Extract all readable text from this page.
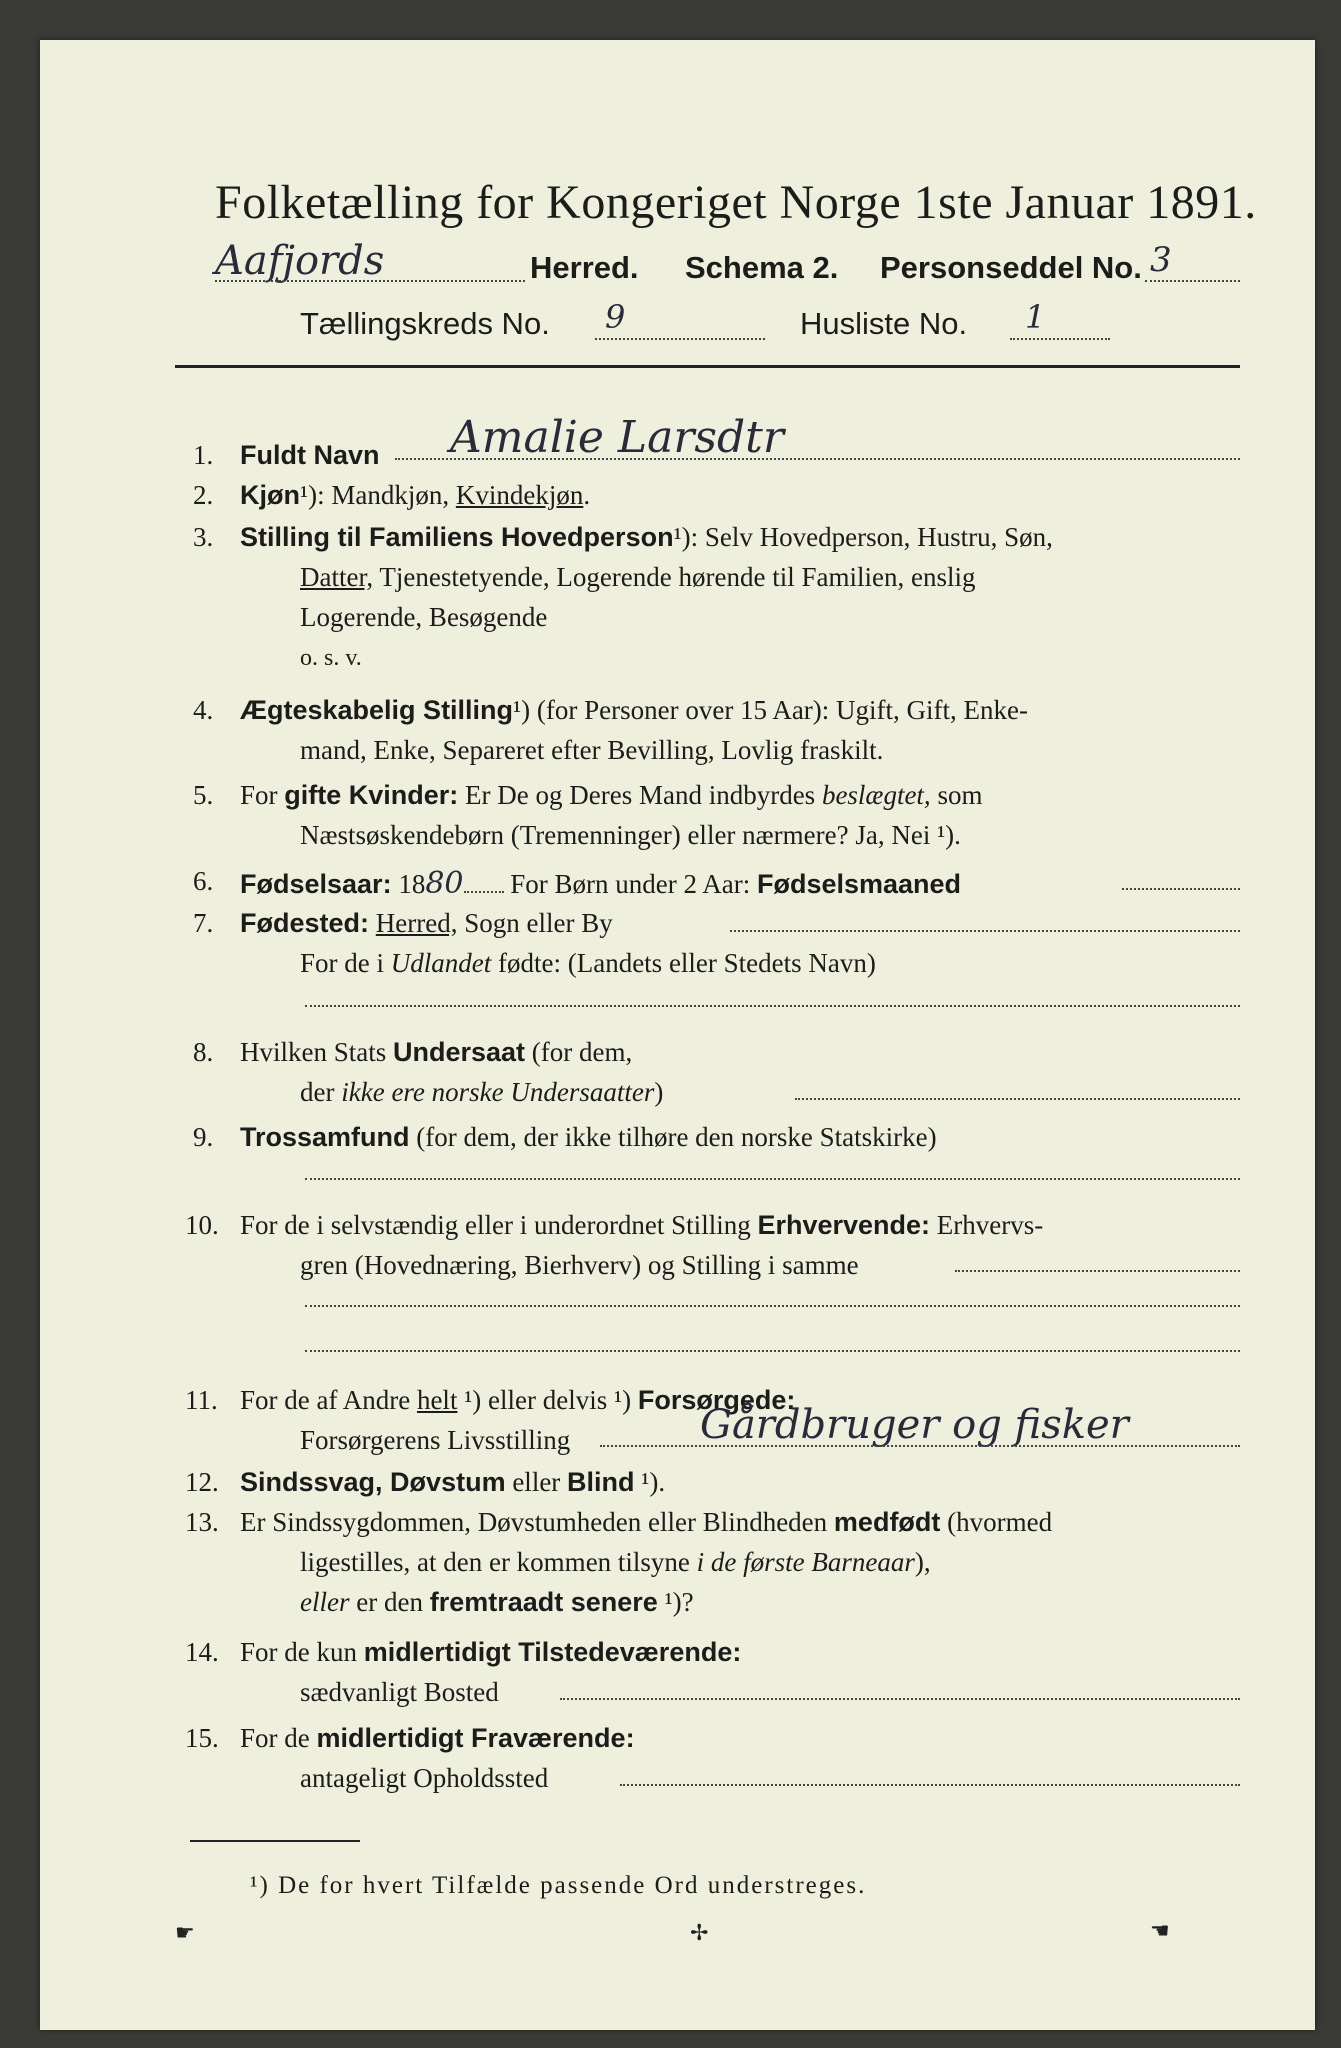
Folketælling for Kongeriget Norge 1ste Januar 1891.
Aafjords	Herred. Schema 2. Personseddel No. 3
Tællingskreds No. 9	Husliste No. 1
1. Fuldt Navn Amalie Larsdtr
2. Kjøn¹): Mandkjøn, Kvindekjøn.
3. Stilling til Familiens Hovedperson¹): Selv Hovedperson, Hustru, Søn,
Datter, Tjenestetyende, Logerende hørende til Familien, enslig
Logerende, Besøgende
o. s. v.
4. Ægteskabelig Stilling¹) (for Personer over 15 Aar): Ugift, Gift, Enke-
mand, Enke, Separeret efter Bevilling, Lovlig fraskilt.
5. For gifte Kvinder: Er De og Deres Mand indbyrdes beslægtet, som
Næstsøskendebørn (Tremenninger) eller nærmere? Ja, Nei ¹).
6. Fødselsaar: 1880 For Børn under 2 Aar: Fødselsmaaned
7. Fødested: Herred, Sogn eller By
For de i Udlandet fødte: (Landets eller Stedets Navn)
8. Hvilken Stats Undersaat (for dem,
der ikke ere norske Undersaatter)
9. Trossamfund (for dem, der ikke tilhøre den norske Statskirke)
10. For de i selvstændig eller i underordnet Stilling Erhvervende: Erhvervs-
gren (Hovednæring, Bierhverv) og Stilling i samme
11. For de af Andre helt ¹) eller delvis ¹) Forsørgede:
Forsørgerens Livsstilling	Gårdbruger og fisker
12. Sindssvag, Døvstum eller Blind ¹).
13. Er Sindssygdommen, Døvstumheden eller Blindheden medfødt (hvormed
ligestilles, at den er kommen tilsyne i de første Barneaar),
eller er den fremtraadt senere ¹)?
14. For de kun midlertidigt Tilstedeværende:
sædvanligt Bosted
15. For de midlertidigt Fraværende:
antageligt Opholdssted
¹) De for hvert Tilfælde passende Ord understreges.
☛	✢	☚
